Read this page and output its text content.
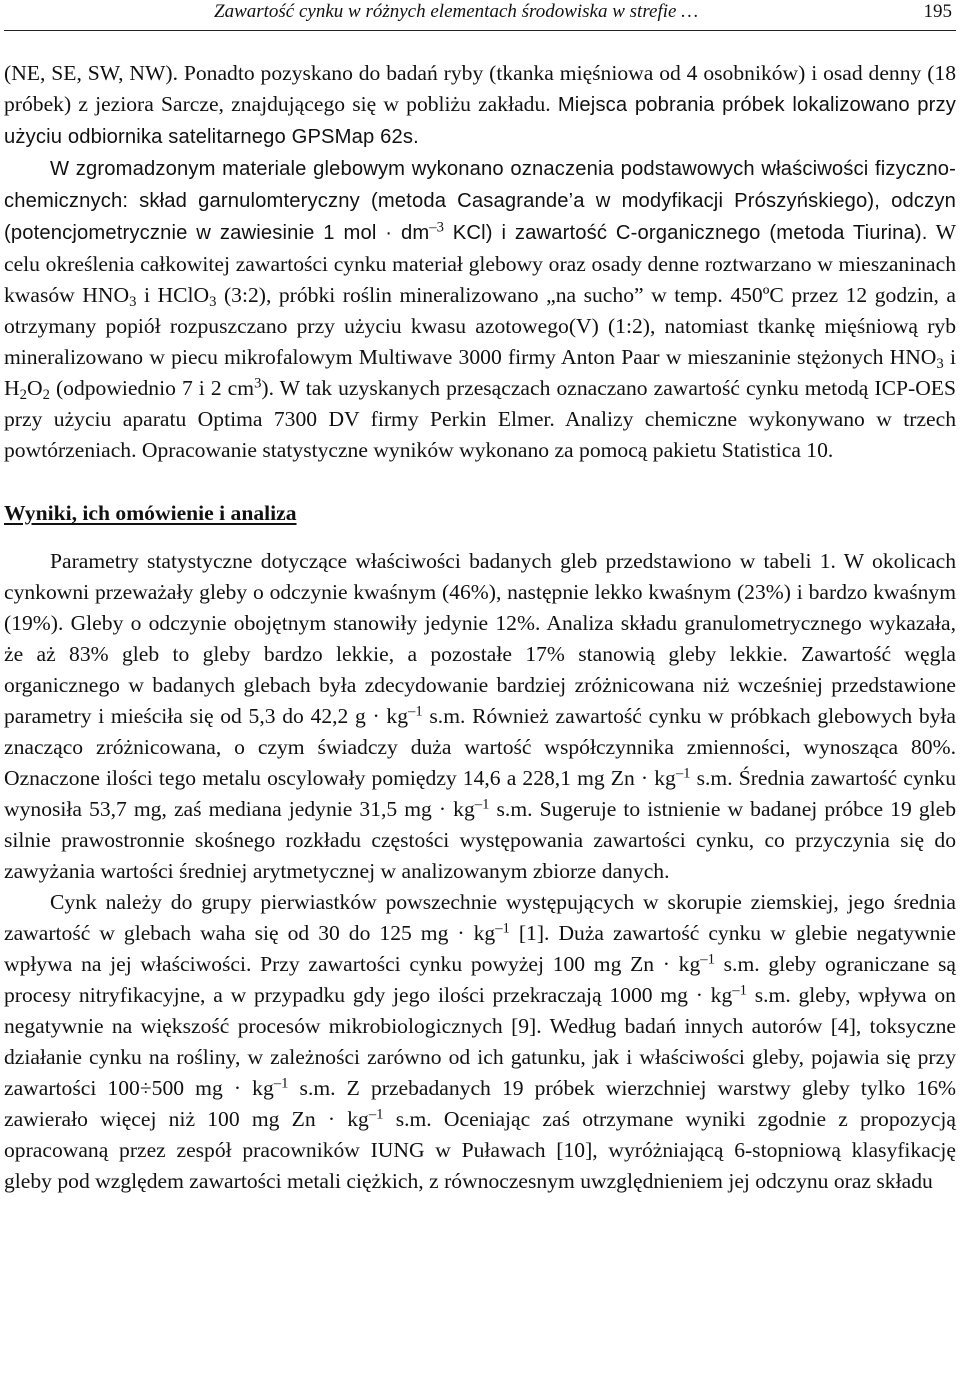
Zawartość cynku w różnych elementach środowiska w strefie …	195

(NE, SE, SW, NW). Ponadto pozyskano do badań ryby (tkanka mięśniowa od 4 osobników) i osad denny (18 próbek) z jeziora Sarcze, znajdującego się w pobliżu zakładu. Miejsca pobrania próbek lokalizowano przy użyciu odbiornika satelitarnego GPSMap 62s.

W zgromadzonym materiale glebowym wykonano oznaczenia podstawowych właściwości fizyczno-chemicznych: skład garnulomteryczny (metoda Casagrande’a w modyfikacji Prószyńskiego), odczyn (potencjometrycznie w zawiesinie 1 mol · $dm^{-3}$ KCl) i zawartość C-organicznego (metoda Tiurina). W celu określenia całkowitej zawartości cynku materiał glebowy oraz osady denne roztwarzano w mieszaninach kwasów $HNO_3$ i HClO$_3$ (3:2), próbki roślin mineralizowano „na sucho” w temp. 450ºC przez 12 godzin, a otrzymany popiół rozpuszczano przy użyciu kwasu azotowego(V) (1:2), natomiast tkankę mięśniową ryb mineralizowano w piecu mikrofalowym Multiwave 3000 firmy Anton Paar w mieszaninie stężonych $HNO_3$ i $H_2O_2$ (odpowiednio 7 i 2 $cm^3$). W tak uzyskanych przesączach oznaczano zawartość cynku metodą ICP-OES przy użyciu aparatu Optima 7300 DV firmy Perkin Elmer. Analizy chemiczne wykonywano w trzech powtórzeniach. Opracowanie statystyczne wyników wykonano za pomocą pakietu Statistica 10.

Wyniki, ich omówienie i analiza

Parametry statystyczne dotyczące właściwości badanych gleb przedstawiono w tabeli 1. W okolicach cynkowni przeważały gleby o odczynie kwaśnym (46%), następnie lekko kwaśnym (23%) i bardzo kwaśnym (19%). Gleby o odczynie obojętnym stanowiły jedynie 12%. Analiza składu granulometrycznego wykazała, że aż 83% gleb to gleby bardzo lekkie, a pozostałe 17% stanowią gleby lekkie. Zawartość węgla organicznego w badanych glebach była zdecydowanie bardziej zróżnicowana niż wcześniej przedstawione parametry i mieściła się od 5,3 do 42,2 $g \cdot kg^{-1}$ s.m. Również zawartość cynku w próbkach glebowych była znacząco zróżnicowana, o czym świadczy duża wartość współczynnika zmienności, wynosząca 80%. Oznaczone ilości tego metalu oscylowały pomiędzy 14,6 a 228,1 mg $Zn \cdot kg^{-1}$ s.m. Średnia zawartość cynku wynosiła 53,7 mg, zaś mediana jedynie 31,5 mg · $kg^{-1}$ s.m. Sugeruje to istnienie w badanej próbce 19 gleb silnie prawostronnie skośnego rozkładu częstości występowania zawartości cynku, co przyczynia się do zawyżania wartości średniej arytmetycznej w analizowanym zbiorze danych.

Cynk należy do grupy pierwiastków powszechnie występujących w skorupie ziemskiej, jego średnia zawartość w glebach waha się od 30 do 125 mg · $kg^{-1}$ [1]. Duża zawartość cynku w glebie negatywnie wpływa na jej właściwości. Przy zawartości cynku powyżej 100 mg $Zn \cdot kg^{-1}$ s.m. gleby ograniczane są procesy nitryfikacyjne, a w przypadku gdy jego ilości przekraczają 1000 mg · $kg^{-1}$ s.m. gleby, wpływa on negatywnie na większość procesów mikrobiologicznych [9]. Według badań innych autorów [4], toksyczne działanie cynku na rośliny, w zależności zarówno od ich gatunku, jak i właściwości gleby, pojawia się przy zawartości 100÷500 mg · $kg^{-1}$ s.m. Z przebadanych 19 próbek wierzchniej warstwy gleby tylko 16% zawierało więcej niż 100 mg $Zn \cdot kg^{-1}$ s.m. Oceniając zaś otrzymane wyniki zgodnie z propozycją opracowaną przez zespół pracowników IUNG w Puławach [10], wyróżniającą 6-stopniową klasyfikację gleby pod względem zawartości metali ciężkich, z równoczesnym uwzględnieniem jej odczynu oraz składu
